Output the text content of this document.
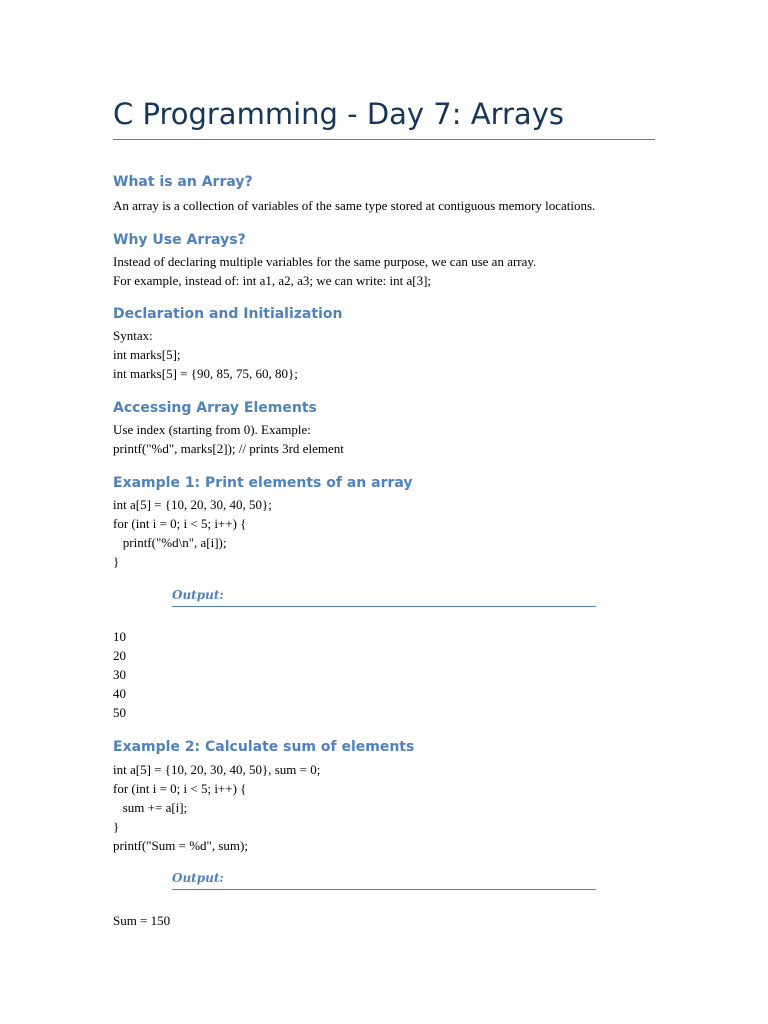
C Programming - Day 7: Arrays
What is an Array?
An array is a collection of variables of the same type stored at contiguous memory locations.
Why Use Arrays?
Instead of declaring multiple variables for the same purpose, we can use an array.
For example, instead of: int a1, a2, a3; we can write: int a[3];
Declaration and Initialization
Syntax:
int marks[5];
int marks[5] = {90, 85, 75, 60, 80};
Accessing Array Elements
Use index (starting from 0). Example:
printf("%d", marks[2]); // prints 3rd element
Example 1: Print elements of an array
int a[5] = {10, 20, 30, 40, 50};
for (int i = 0; i < 5; i++) {
printf("%d\n", a[i]);
}
Output:
10
20
30
40
50
Example 2: Calculate sum of elements
int a[5] = {10, 20, 30, 40, 50}, sum = 0;
for (int i = 0; i < 5; i++) {
sum += a[i];
}
printf("Sum = %d", sum);
Output:
Sum = 150
